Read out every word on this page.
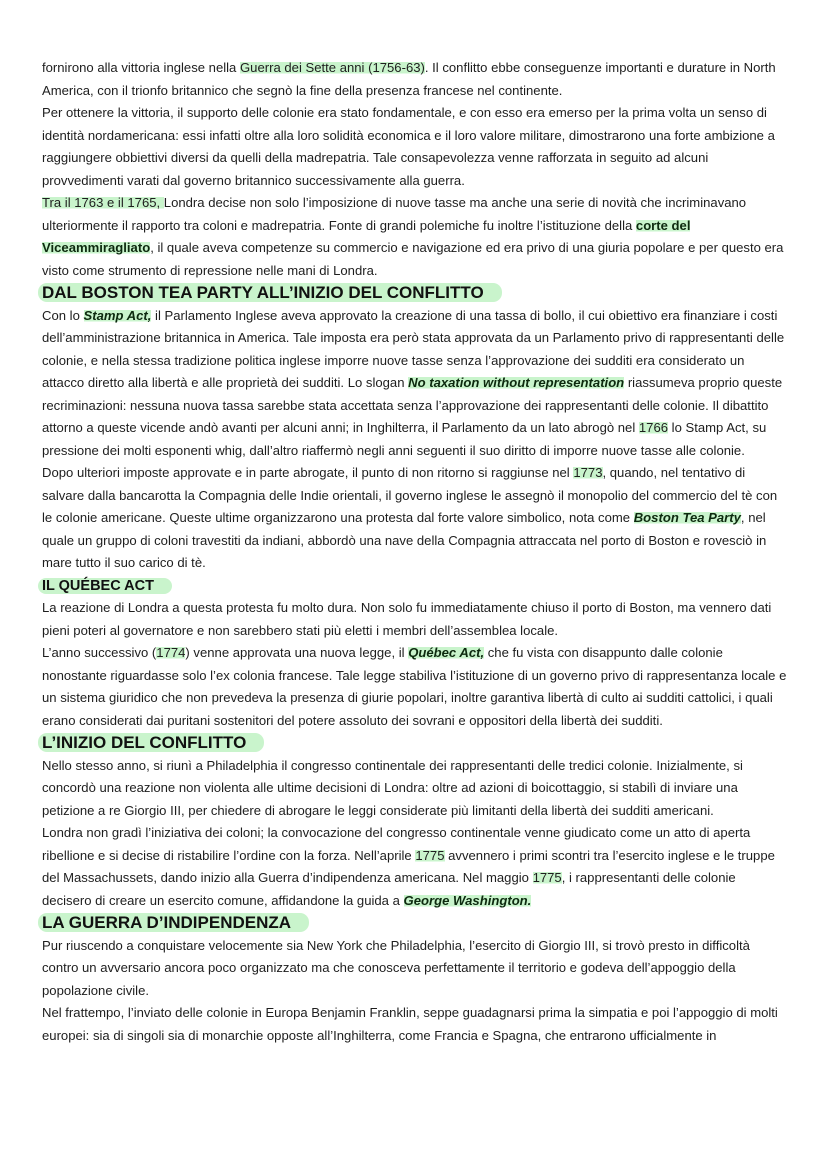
fornirono alla vittoria inglese nella Guerra dei Sette anni (1756-63). Il conflitto ebbe conseguenze importanti e durature in North America, con il trionfo britannico che segnò la fine della presenza francese nel continente.

Per ottenere la vittoria, il supporto delle colonie era stato fondamentale, e con esso era emerso per la prima volta un senso di identità nordamericana: essi infatti oltre alla loro solidità economica e il loro valore militare, dimostrarono una forte ambizione a raggiungere obbiettivi diversi da quelli della madrepatria. Tale consapevolezza venne rafforzata in seguito ad alcuni provvedimenti varati dal governo britannico successivamente alla guerra.

Tra il 1763 e il 1765, Londra decise non solo l’imposizione di nuove tasse ma anche una serie di novità che incriminavano ulteriormente il rapporto tra coloni e madrepatria. Fonte di grandi polemiche fu inoltre l’istituzione della corte del Viceammiragliato, il quale aveva competenze su commercio e navigazione ed era privo di una giuria popolare e per questo era visto come strumento di repressione nelle mani di Londra.

DAL BOSTON TEA PARTY ALL’INIZIO DEL CONFLITTO

Con lo Stamp Act, il Parlamento Inglese aveva approvato la creazione di una tassa di bollo, il cui obiettivo era finanziare i costi dell’amministrazione britannica in America. Tale imposta era però stata approvata da un Parlamento privo di rappresentanti delle colonie, e nella stessa tradizione politica inglese imporre nuove tasse senza l’approvazione dei sudditi era considerato un attacco diretto alla libertà e alle proprietà dei sudditi. Lo slogan No taxation without representation riassumeva proprio queste recriminazioni: nessuna nuova tassa sarebbe stata accettata senza l’approvazione dei rappresentanti delle colonie. Il dibattito attorno a queste vicende andò avanti per alcuni anni; in Inghilterra, il Parlamento da un lato abrogò nel 1766 lo Stamp Act, su pressione dei molti esponenti whig, dall’altro riaffermò negli anni seguenti il suo diritto di imporre nuove tasse alle colonie.

Dopo ulteriori imposte approvate e in parte abrogate, il punto di non ritorno si raggiunse nel 1773, quando, nel tentativo di salvare dalla bancarotta la Compagnia delle Indie orientali, il governo inglese le assegnò il monopolio del commercio del tè con le colonie americane. Queste ultime organizzarono una protesta dal forte valore simbolico, nota come Boston Tea Party, nel quale un gruppo di coloni travestiti da indiani, abbordò una nave della Compagnia attraccata nel porto di Boston e rovesciò in mare tutto il suo carico di tè.

IL QUÉBEC ACT

La reazione di Londra a questa protesta fu molto dura. Non solo fu immediatamente chiuso il porto di Boston, ma vennero dati pieni poteri al governatore e non sarebbero stati più eletti i membri dell’assemblea locale.

L’anno successivo (1774) venne approvata una nuova legge, il Québec Act, che fu vista con disappunto dalle colonie nonostante riguardasse solo l’ex colonia francese. Tale legge stabiliva l’istituzione di un governo privo di rappresentanza locale e un sistema giuridico che non prevedeva la presenza di giurie popolari, inoltre garantiva libertà di culto ai sudditi cattolici, i quali erano considerati dai puritani sostenitori del potere assoluto dei sovrani e oppositori della libertà dei sudditi.

L’INIZIO DEL CONFLITTO

Nello stesso anno, si riunì a Philadelphia il congresso continentale dei rappresentanti delle tredici colonie. Inizialmente, si concordò una reazione non violenta alle ultime decisioni di Londra: oltre ad azioni di boicottaggio, si stabilì di inviare una petizione a re Giorgio III, per chiedere di abrogare le leggi considerate più limitanti della libertà dei sudditi americani.

Londra non gradì l’iniziativa dei coloni; la convocazione del congresso continentale venne giudicato come un atto di aperta ribellione e si decise di ristabilire l’ordine con la forza. Nell’aprile 1775 avvennero i primi scontri tra l’esercito inglese e le truppe del Massachussets, dando inizio alla Guerra d’indipendenza americana. Nel maggio 1775, i rappresentanti delle colonie decisero di creare un esercito comune, affidandone la guida a George Washington.

LA GUERRA D’INDIPENDENZA

Pur riuscendo a conquistare velocemente sia New York che Philadelphia, l’esercito di Giorgio III, si trovò presto in difficoltà contro un avversario ancora poco organizzato ma che conosceva perfettamente il territorio e godeva dell’appoggio della popolazione civile.

Nel frattempo, l’inviato delle colonie in Europa Benjamin Franklin, seppe guadagnarsi prima la simpatia e poi l’appoggio di molti europei: sia di singoli sia di monarchie opposte all’Inghilterra, come Francia e Spagna, che entrarono ufficialmente in
